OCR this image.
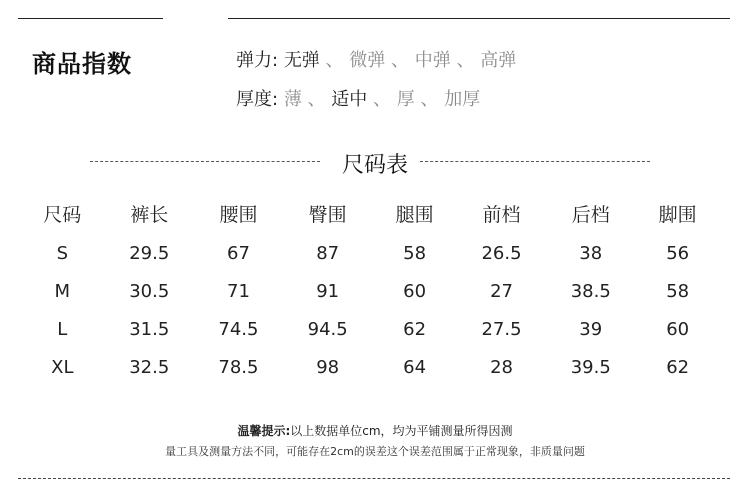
商品指数	弹力: 无弹 、 微弹 、 中弹 、 高弹
厚度: 薄 、 适中 、 厚 、 加厚
尺码表
尺码	裤长	腰围	臀围	腿围	前档	后档	脚围
S	29.5	67	87	58	26.5	38	56
M	30.5	71	91	60	27	38.5	58
L	31.5	74.5	94.5	62	27.5	39	60
XL	32.5	78.5	98	64	28	39.5	62
温馨提示:以上数据单位cm，均为平铺测量所得因测
量工具及测量方法不同，可能存在2cm的误差这个误差范围属于正常现象，非质量问题
